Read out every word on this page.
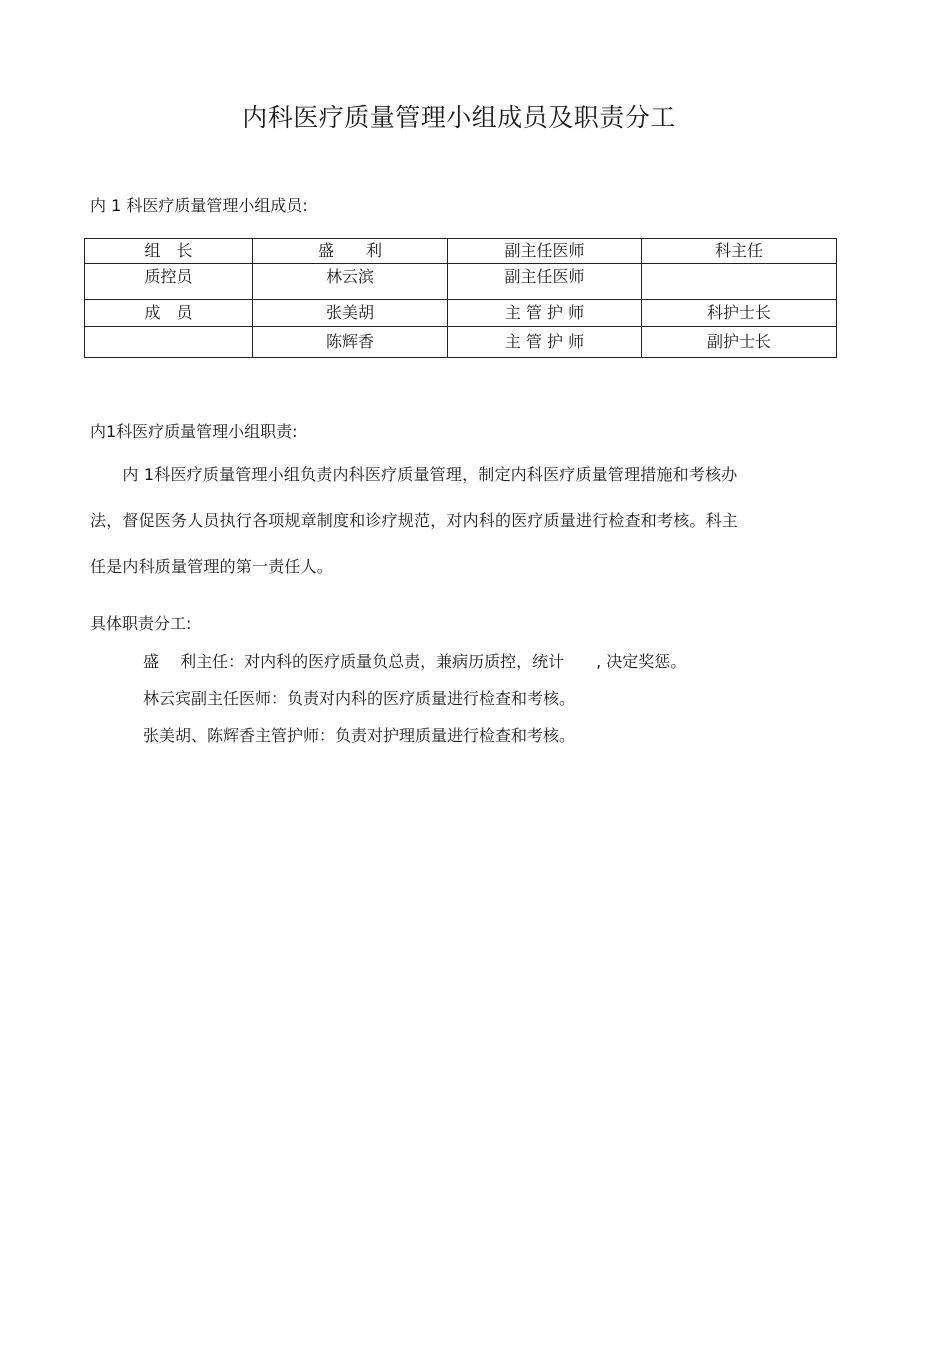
内科医疗质量管理小组成员及职责分工
内 1 科医疗质量管理小组成员:
组　长	盛　　利	副主任医师	科主任
质控员	林云滨	副主任医师	
成　员	张美胡	主 管 护 师	科护士长
	陈辉香	主 管 护 师	副护士长
内1科医疗质量管理小组职责:
　　内 1科医疗质量管理小组负责内科医疗质量管理，制定内科医疗质量管理措施和考核办
法，督促医务人员执行各项规章制度和诊疗规范，对内科的医疗质量进行检查和考核。科主
任是内科质量管理的第一责任人。
具体职责分工:
盛　 利主任：对内科的医疗质量负总责，兼病历质控，统计　　, 决定奖惩。
林云宾副主任医师：负责对内科的医疗质量进行检查和考核。
张美胡、陈辉香主管护师：负责对护理质量进行检查和考核。
